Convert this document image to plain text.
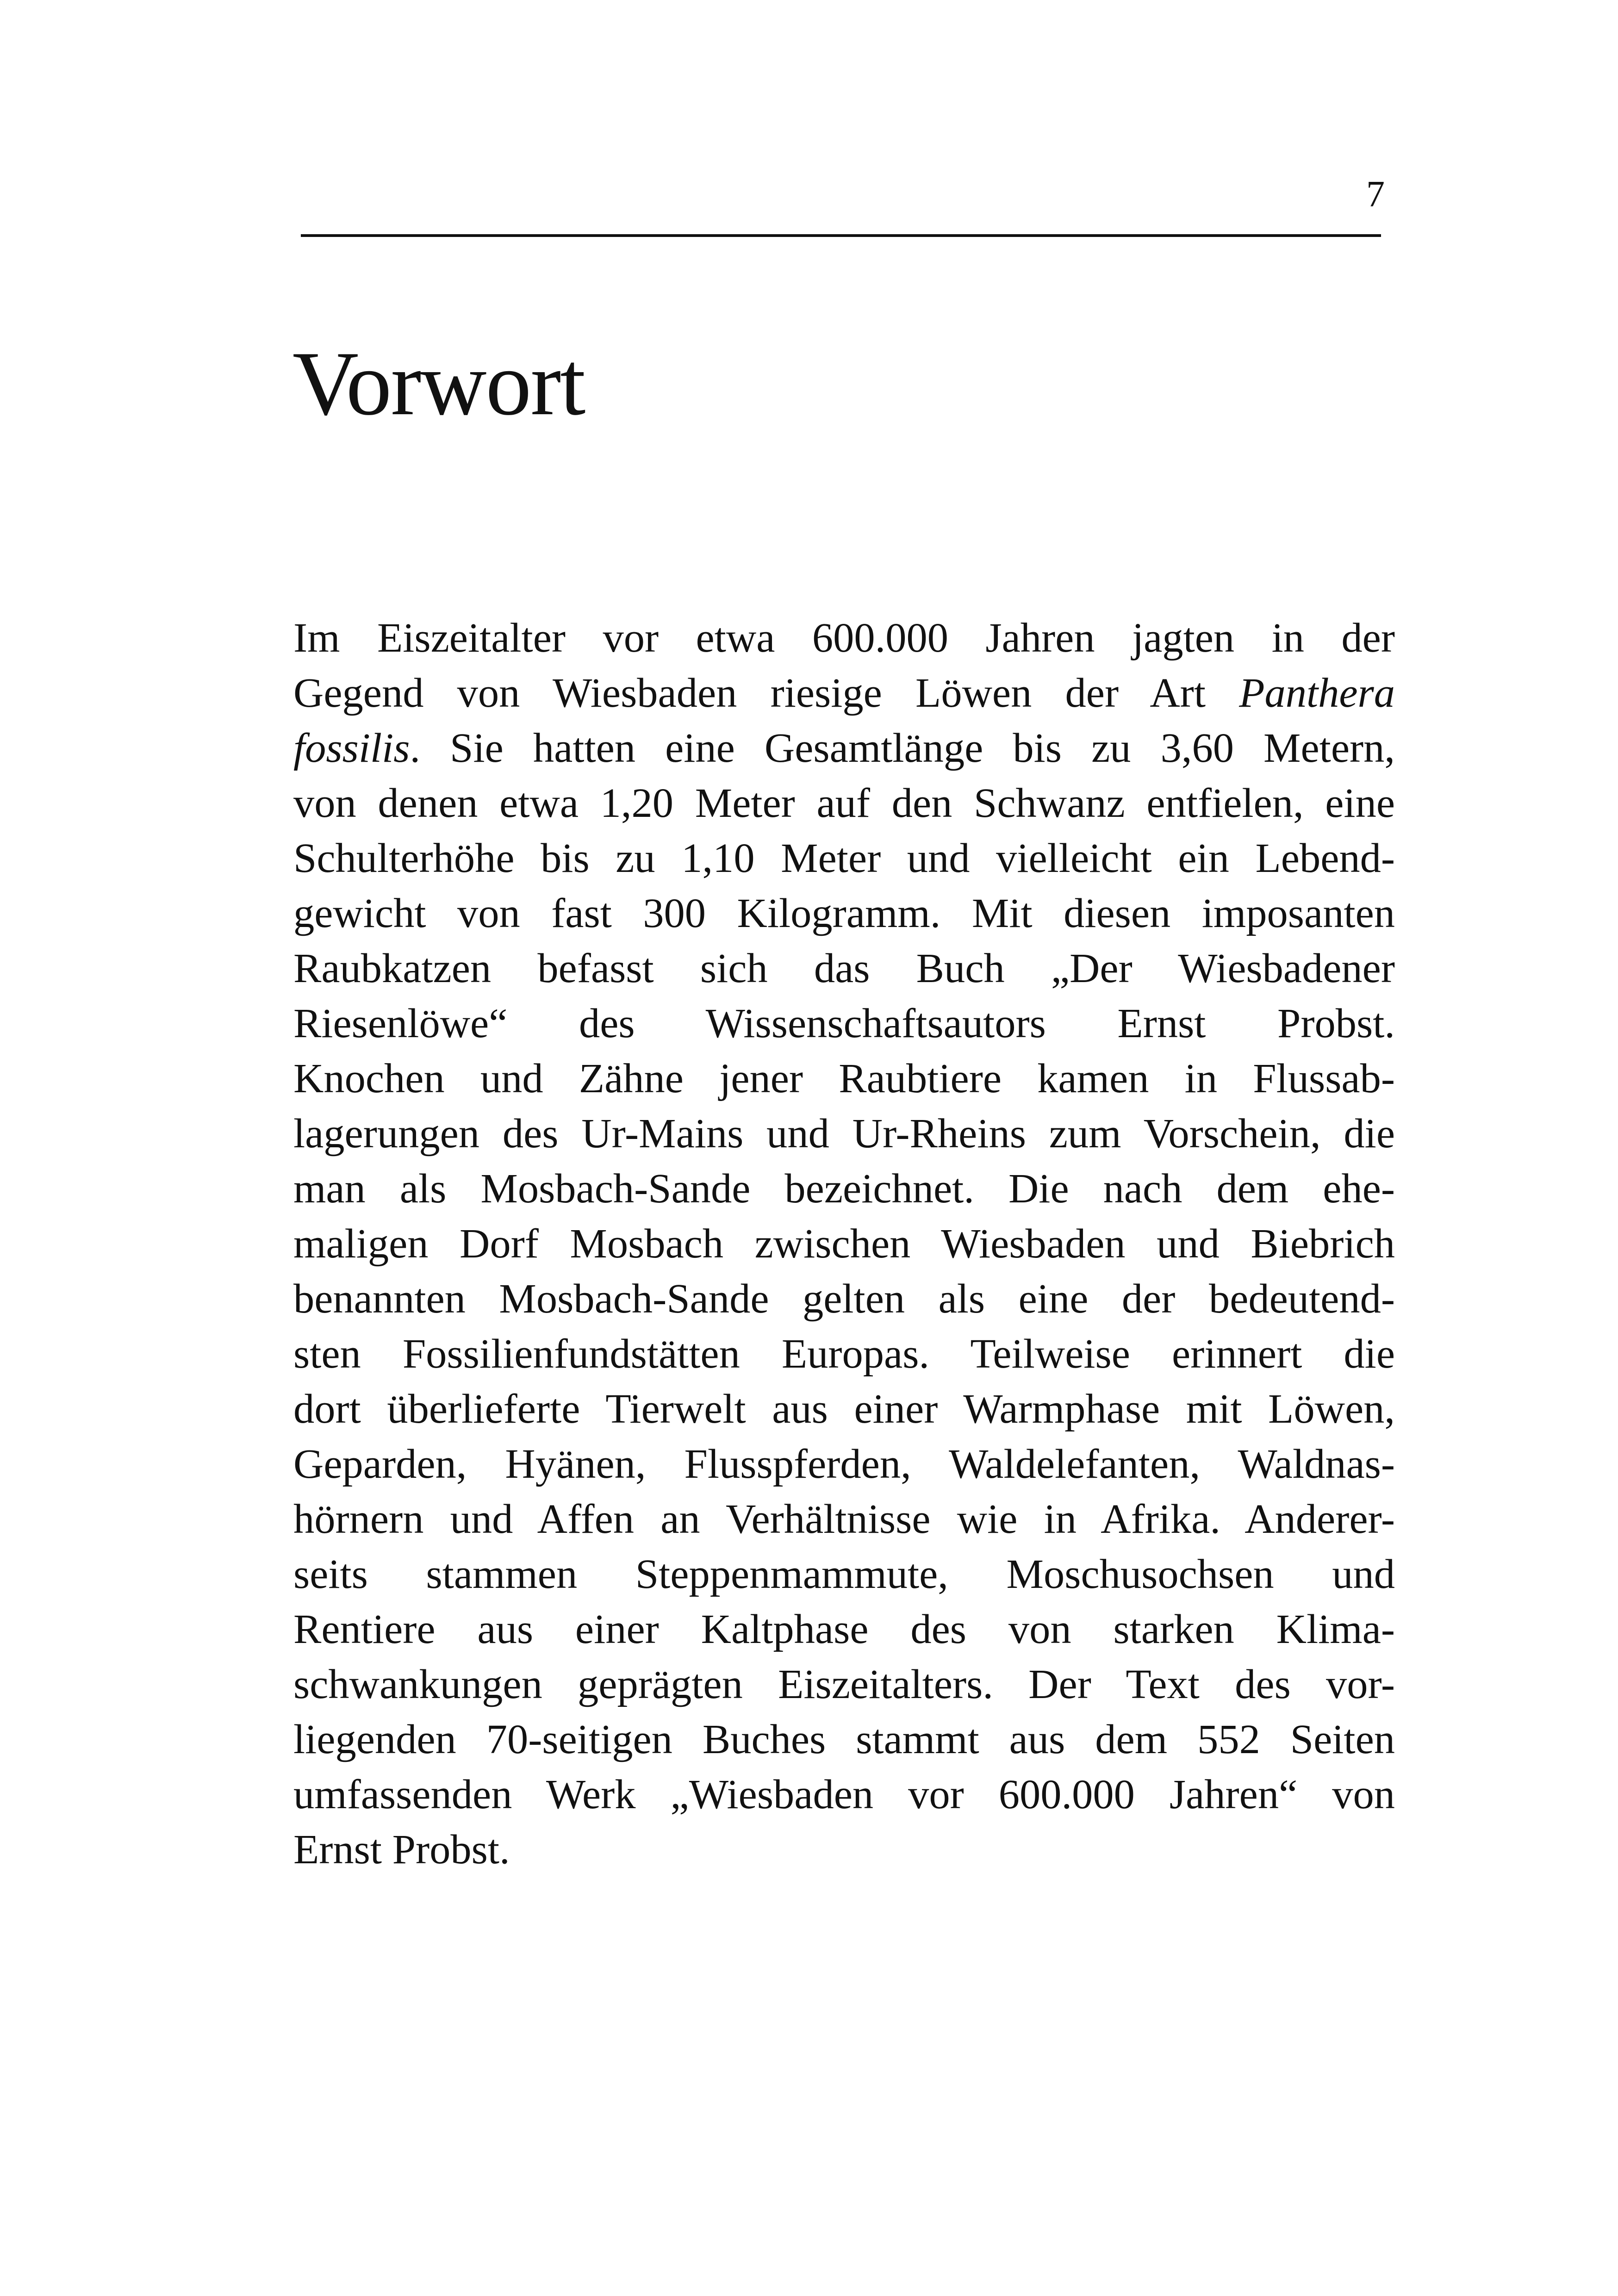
7
Vorwort
Im Eiszeitalter vor etwa 600.000 Jahren jagten in der
Gegend von Wiesbaden riesige Löwen der Art Panthera
fossilis. Sie hatten eine Gesamtlänge bis zu 3,60 Metern,
von denen etwa 1,20 Meter auf den Schwanz entfielen, eine
Schulterhöhe bis zu 1,10 Meter und vielleicht ein Lebend-
gewicht von fast 300 Kilogramm. Mit diesen imposanten
Raubkatzen befasst sich das Buch „Der Wiesbadener
Riesenlöwe“ des Wissenschaftsautors Ernst Probst.
Knochen und Zähne jener Raubtiere kamen in Flussab-
lagerungen des Ur-Mains und Ur-Rheins zum Vorschein, die
man als Mosbach-Sande bezeichnet. Die nach dem ehe-
maligen Dorf Mosbach zwischen Wiesbaden und Biebrich
benannten Mosbach-Sande gelten als eine der bedeutend-
sten Fossilienfundstätten Europas. Teilweise erinnert die
dort überlieferte Tierwelt aus einer Warmphase mit Löwen,
Geparden, Hyänen, Flusspferden, Waldelefanten, Waldnas-
hörnern und Affen an Verhältnisse wie in Afrika. Anderer-
seits stammen Steppenmammute, Moschusochsen und
Rentiere aus einer Kaltphase des von starken Klima-
schwankungen geprägten Eiszeitalters. Der Text des vor-
liegenden 70-seitigen Buches stammt aus dem 552 Seiten
umfassenden Werk „Wiesbaden vor 600.000 Jahren“ von
Ernst Probst.
